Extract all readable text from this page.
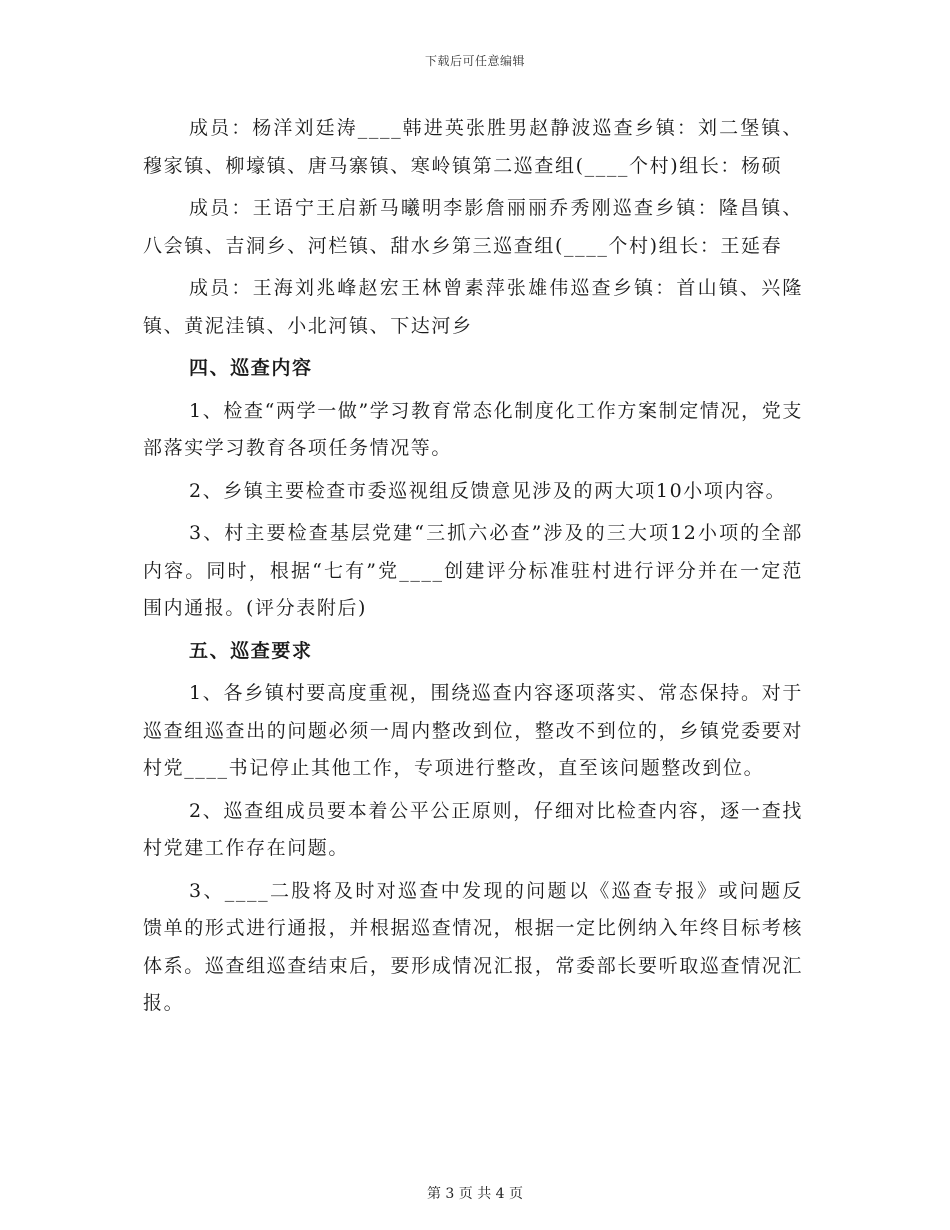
下载后可任意编辑

成员：杨洋刘廷涛____韩进英张胜男赵静波巡查乡镇：刘二堡镇、穆家镇、柳壕镇、唐马寨镇、寒岭镇第二巡查组(____个村)组长：杨硕

成员：王语宁王启新马曦明李影詹丽丽乔秀刚巡查乡镇：隆昌镇、八会镇、吉洞乡、河栏镇、甜水乡第三巡查组(____个村)组长：王延春

成员：王海刘兆峰赵宏王林曾素萍张雄伟巡查乡镇：首山镇、兴隆镇、黄泥洼镇、小北河镇、下达河乡

四、巡查内容

1、检查“两学一做”学习教育常态化制度化工作方案制定情况，党支部落实学习教育各项任务情况等。

2、乡镇主要检查市委巡视组反馈意见涉及的两大项10小项内容。

3、村主要检查基层党建“三抓六必查”涉及的三大项12小项的全部内容。同时，根据“七有”党____创建评分标准驻村进行评分并在一定范围内通报。(评分表附后)

五、巡查要求

1、各乡镇村要高度重视，围绕巡查内容逐项落实、常态保持。对于巡查组巡查出的问题必须一周内整改到位，整改不到位的，乡镇党委要对村党____书记停止其他工作，专项进行整改，直至该问题整改到位。

2、巡查组成员要本着公平公正原则，仔细对比检查内容，逐一查找村党建工作存在问题。

3、____二股将及时对巡查中发现的问题以《巡查专报》或问题反馈单的形式进行通报，并根据巡查情况，根据一定比例纳入年终目标考核体系。巡查组巡查结束后，要形成情况汇报，常委部长要听取巡查情况汇报。

第 3 页 共 4 页
